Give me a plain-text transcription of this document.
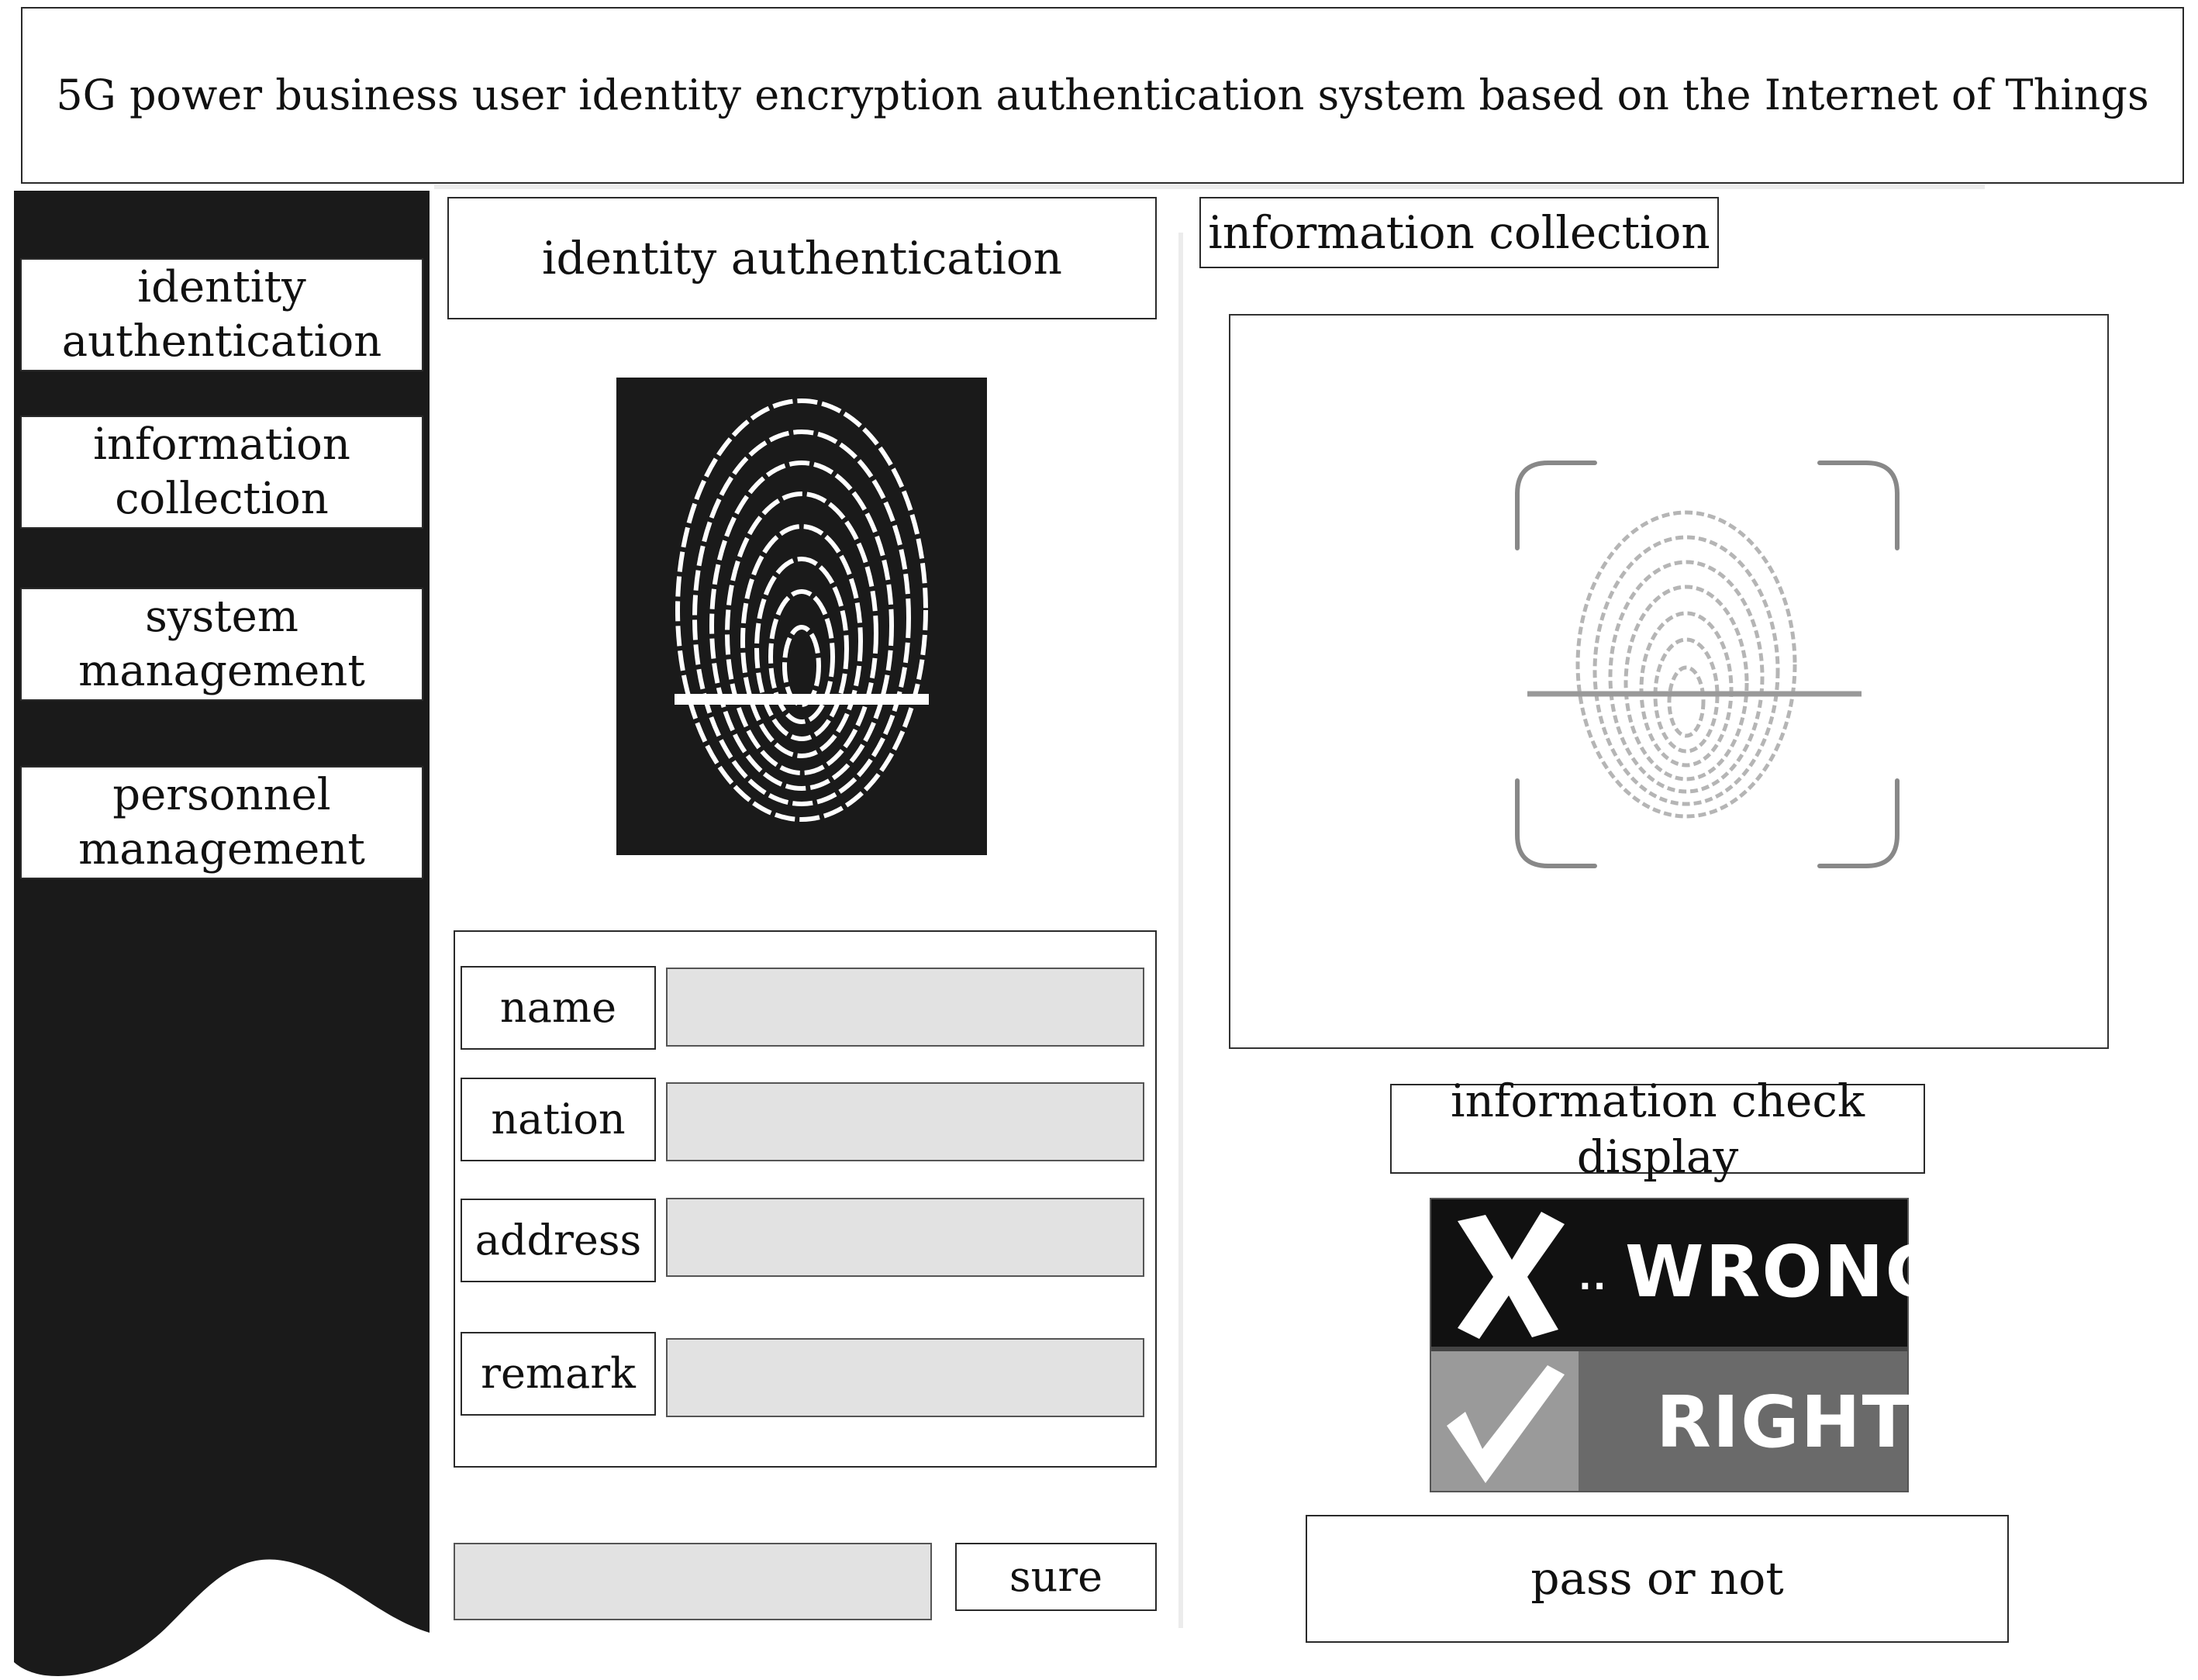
5G power business user identity encryption authentication system based on the Internet of Things
identity authentication
information collection
system management
personnel management
identity authentication
name
nation
address
remark
sure
information collection
information check display
.. WRONG
RIGHT
pass or not
